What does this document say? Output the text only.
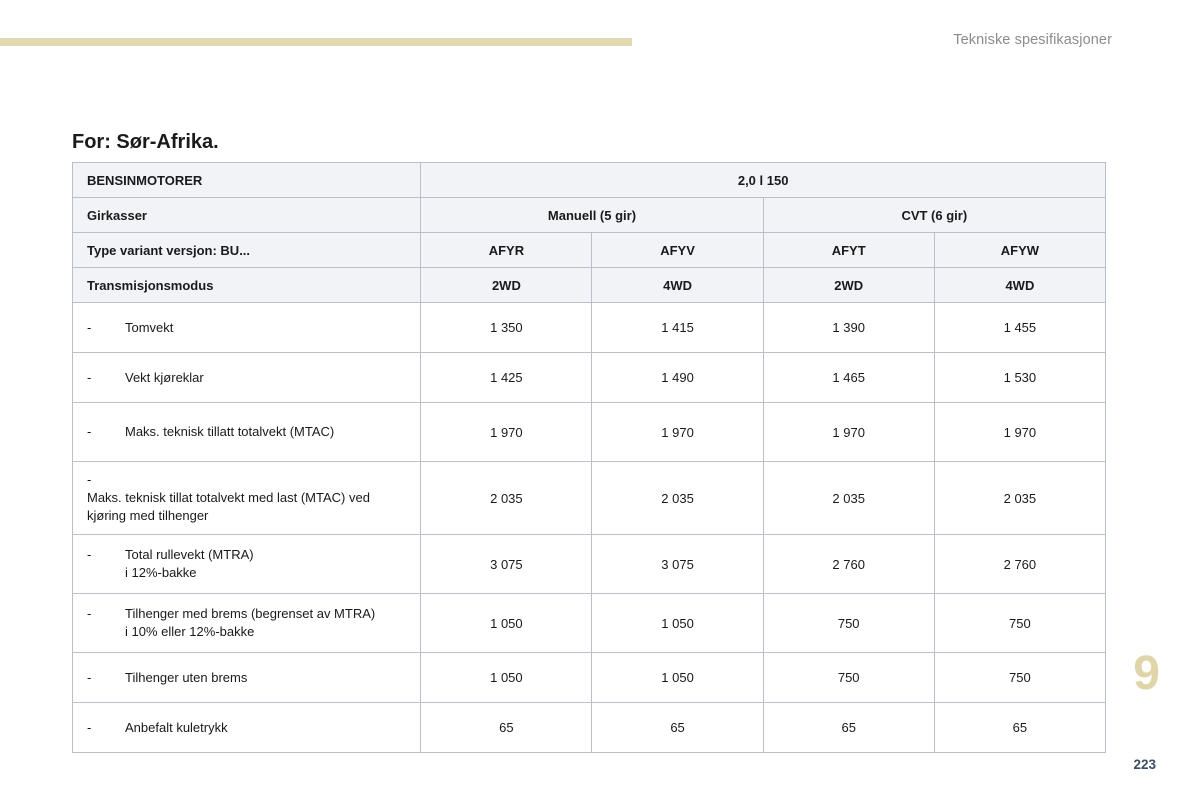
Tekniske spesifikasjoner
For: Sør-Afrika.
BENSINMOTORER	2,0 l 150			
Girkasser	Manuell (5 gir)		CVT (6 gir)	
Type variant versjon: BU...	AFYR	AFYV	AFYT	AFYW
Transmisjonsmodus	2WD	4WD	2WD	4WD
- Tomvekt	1 350	1 415	1 390	1 455
- Vekt kjøreklar	1 425	1 490	1 465	1 530
- Maks. teknisk tillatt totalvekt (MTAC)	1 970	1 970	1 970	1 970
-Maks. teknisk tillat totalvekt med last (MTAC) ved kjøring med tilhenger	2 035	2 035	2 035	2 035
- Total rullevekt (MTRA)
i 12%-bakke	3 075	3 075	2 760	2 760
- Tilhenger med brems (begrenset av MTRA)
i 10% eller 12%-bakke	1 050	1 050	750	750
- Tilhenger uten brems	1 050	1 050	750	750
- Anbefalt kuletrykk	65	65	65	65
9
223
